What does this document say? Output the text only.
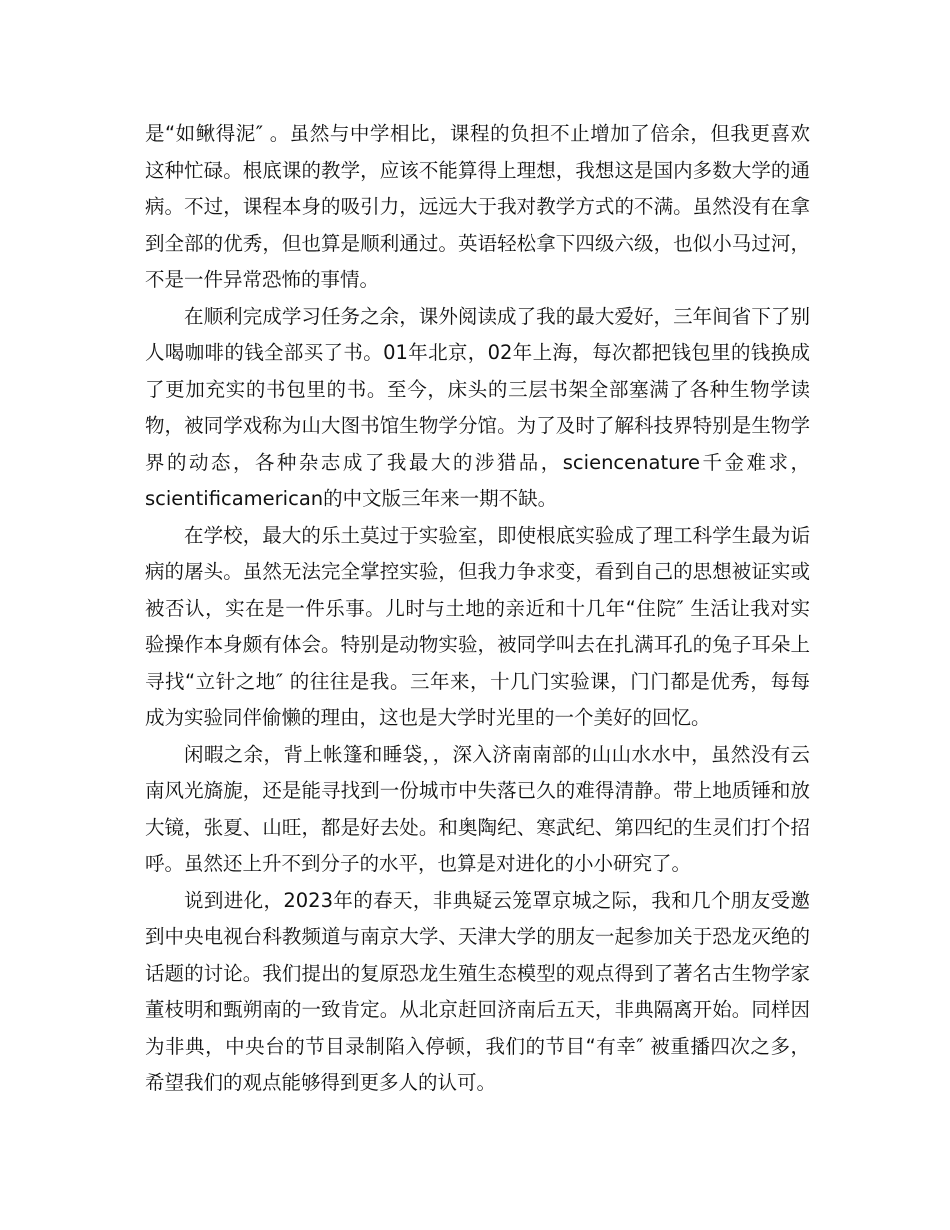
是“如鳅得泥″ 。虽然与中学相比，课程的负担不止增加了倍余，但我更喜欢这种忙碌。根底课的教学，应该不能算得上理想，我想这是国内多数大学的通病。不过，课程本身的吸引力，远远大于我对教学方式的不满。虽然没有在拿到全部的优秀，但也算是顺利通过。英语轻松拿下四级六级，也似小马过河，不是一件异常恐怖的事情。

在顺利完成学习任务之余，课外阅读成了我的最大爱好，三年间省下了别人喝咖啡的钱全部买了书。01年北京，02年上海，每次都把钱包里的钱换成了更加充实的书包里的书。至今，床头的三层书架全部塞满了各种生物学读物，被同学戏称为山大图书馆生物学分馆。为了及时了解科技界特别是生物学界的动态，各种杂志成了我最大的涉猎品，sciencenature千金难求，scientificamerican的中文版三年来一期不缺。

在学校，最大的乐土莫过于实验室，即使根底实验成了理工科学生最为诟病的屠头。虽然无法完全掌控实验，但我力争求变，看到自己的思想被证实或被否认，实在是一件乐事。儿时与土地的亲近和十几年“住院″ 生活让我对实验操作本身颇有体会。特别是动物实验，被同学叫去在扎满耳孔的兔子耳朵上寻找“立针之地″ 的往往是我。三年来，十几门实验课，门门都是优秀，每每成为实验同伴偷懒的理由，这也是大学时光里的一个美好的回忆。

闲暇之余，背上帐篷和睡袋，，深入济南南部的山山水水中，虽然没有云南风光旖旎，还是能寻找到一份城市中失落已久的难得清静。带上地质锤和放大镜，张夏、山旺，都是好去处。和奥陶纪、寒武纪、第四纪的生灵们打个招呼。虽然还上升不到分子的水平，也算是对进化的小小研究了。

说到进化，2023年的春天，非典疑云笼罩京城之际，我和几个朋友受邀到中央电视台科教频道与南京大学、天津大学的朋友一起参加关于恐龙灭绝的话题的讨论。我们提出的复原恐龙生殖生态模型的观点得到了著名古生物学家董枝明和甄朔南的一致肯定。从北京赶回济南后五天，非典隔离开始。同样因为非典，中央台的节目录制陷入停顿，我们的节目“有幸″ 被重播四次之多，希望我们的观点能够得到更多人的认可。
